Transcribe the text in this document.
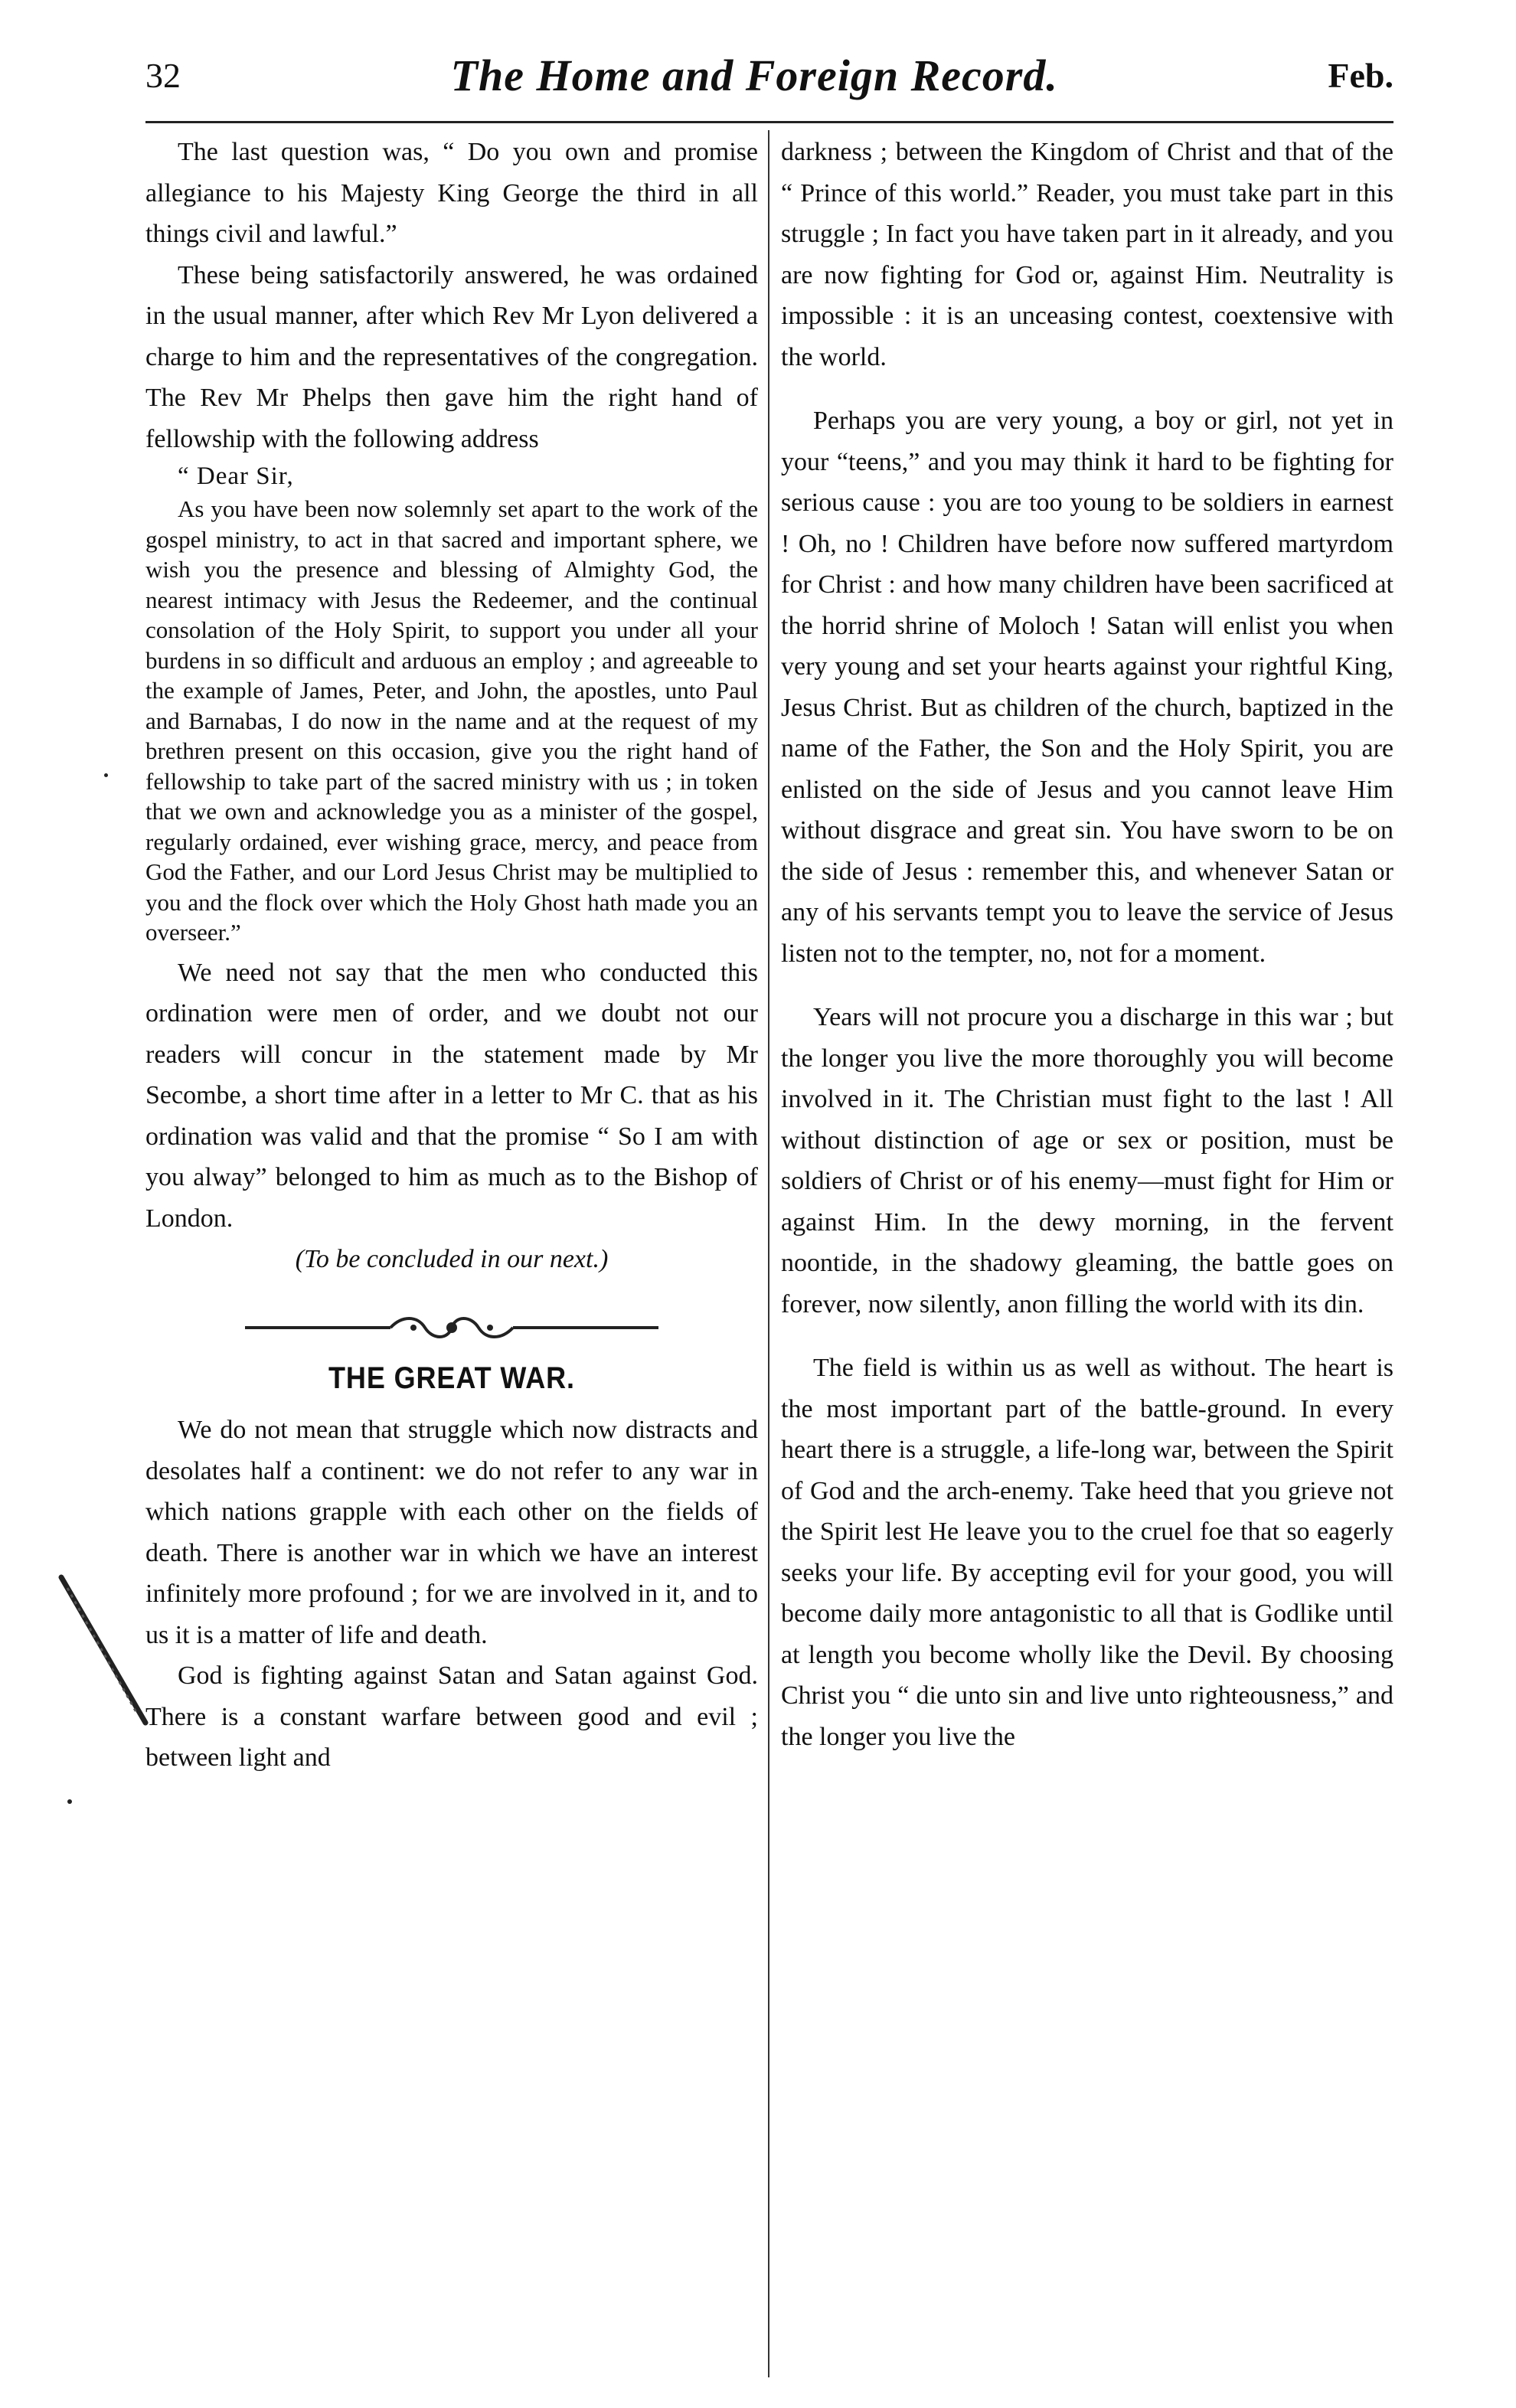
32	The Home and Foreign Record.	Feb.

The last question was, “ Do you own and promise allegiance to his Majesty King George the third in all things civil and lawful.”

These being satisfactorily answered, he was ordained in the usual manner, after which Rev Mr Lyon delivered a charge to him and the representatives of the congregation. The Rev Mr Phelps then gave him the right hand of fellowship with the following address

“ Dear Sir,

As you have been now solemnly set apart to the work of the gospel ministry, to act in that sacred and important sphere, we wish you the presence and blessing of Almighty God, the nearest intimacy with Jesus the Redeemer, and the continual consolation of the Holy Spirit, to support you under all your burdens in so difficult and arduous an employ ; and agreeable to the example of James, Peter, and John, the apostles, unto Paul and Barnabas, I do now in the name and at the request of my brethren present on this occasion, give you the right hand of fellowship to take part of the sacred ministry with us ; in token that we own and acknowledge you as a minister of the gospel, regularly ordained, ever wishing grace, mercy, and peace from God the Father, and our Lord Jesus Christ may be multiplied to you and the flock over which the Holy Ghost hath made you an overseer.”

We need not say that the men who conducted this ordination were men of order, and we doubt not our readers will concur in the statement made by Mr Secombe, a short time after in a letter to Mr C. that as his ordination was valid and that the promise “ So I am with you alway” belonged to him as much as to the Bishop of London.

(To be concluded in our next.)

THE GREAT WAR.

We do not mean that struggle which now distracts and desolates half a continent: we do not refer to any war in which nations grapple with each other on the fields of death. There is another war in which we have an interest infinitely more profound ; for we are involved in it, and to us it is a matter of life and death.

God is fighting against Satan and Satan against God. There is a constant warfare between good and evil ; between light and

darkness ; between the Kingdom of Christ and that of the “ Prince of this world.” Reader, you must take part in this struggle ; In fact you have taken part in it already, and you are now fighting for God or, against Him. Neutrality is impossible : it is an unceasing contest, coextensive with the world.

Perhaps you are very young, a boy or girl, not yet in your “teens,” and you may think it hard to be fighting for serious cause : you are too young to be soldiers in earnest ! Oh, no ! Children have before now suffered martyrdom for Christ : and how many children have been sacrificed at the horrid shrine of Moloch ! Satan will enlist you when very young and set your hearts against your rightful King, Jesus Christ. But as children of the church, baptized in the name of the Father, the Son and the Holy Spirit, you are enlisted on the side of Jesus and you cannot leave Him without disgrace and great sin. You have sworn to be on the side of Jesus : remember this, and whenever Satan or any of his servants tempt you to leave the service of Jesus listen not to the tempter, no, not for a moment.

Years will not procure you a discharge in this war ; but the longer you live the more thoroughly you will become involved in it. The Christian must fight to the last ! All without distinction of age or sex or position, must be soldiers of Christ or of his enemy—must fight for Him or against Him. In the dewy morning, in the fervent noontide, in the shadowy gleaming, the battle goes on forever, now silently, anon filling the world with its din.

The field is within us as well as without. The heart is the most important part of the battle-ground. In every heart there is a struggle, a life-long war, between the Spirit of God and the arch-enemy. Take heed that you grieve not the Spirit lest He leave you to the cruel foe that so eagerly seeks your life. By accepting evil for your good, you will become daily more antagonistic to all that is Godlike until at length you become wholly like the Devil. By choosing Christ you “ die unto sin and live unto righteousness,” and the longer you live the
